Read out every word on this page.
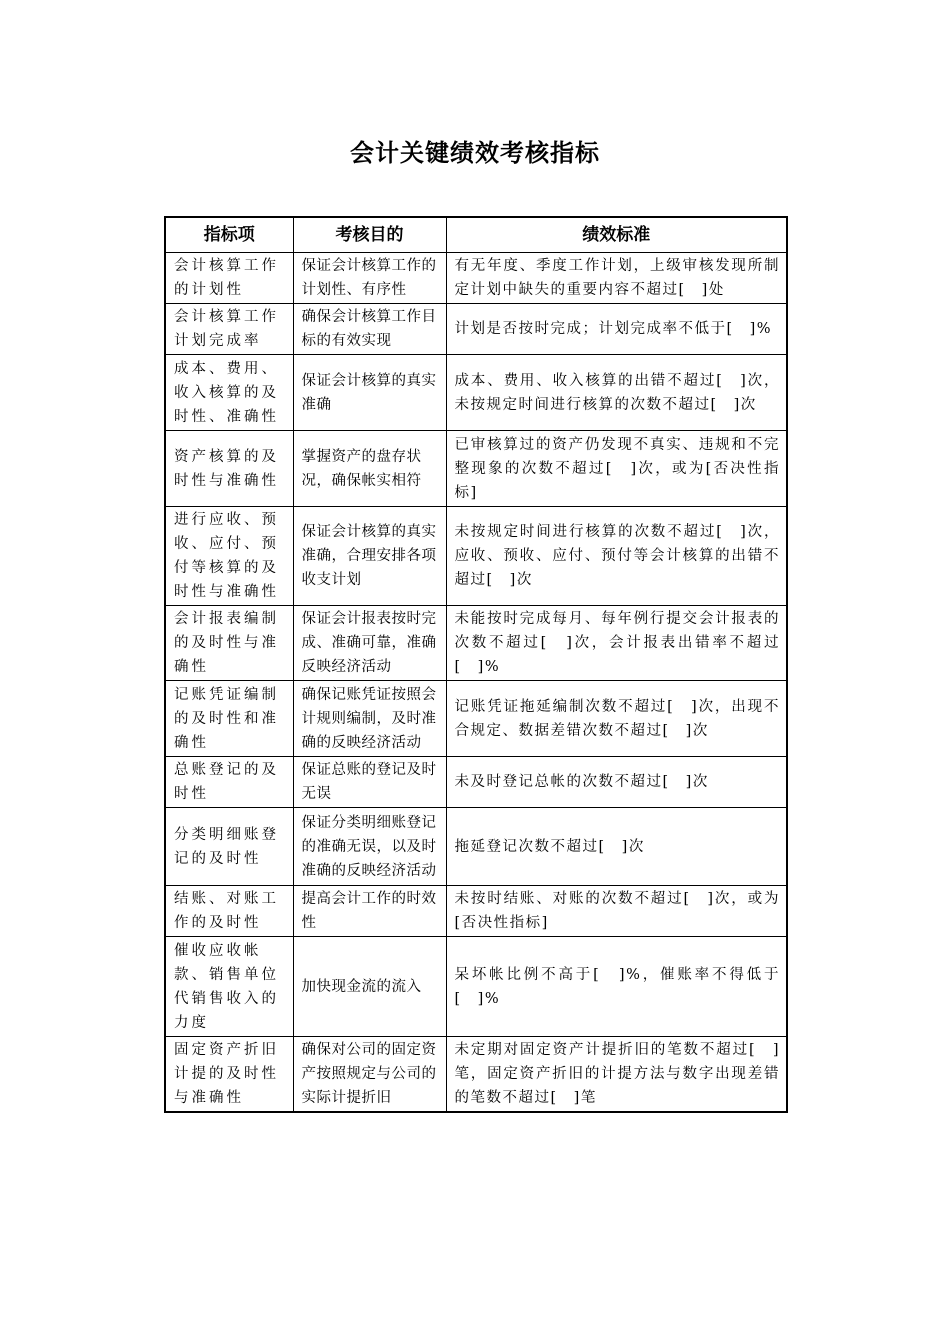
会计关键绩效考核指标
指标项	考核目的	绩效标准
会计核算工作的计划性	保证会计核算工作的计划性、有序性	有无年度、季度工作计划，上级审核发现所制定计划中缺失的重要内容不超过[　]处
会计核算工作计划完成率	确保会计核算工作目标的有效实现	计划是否按时完成；计划完成率不低于[　]%
成本、费用、收入核算的及时性、准确性	保证会计核算的真实准确	成本、费用、收入核算的出错不超过[　]次，未按规定时间进行核算的次数不超过[　]次
资产核算的及时性与准确性	掌握资产的盘存状况，确保帐实相符	已审核算过的资产仍发现不真实、违规和不完整现象的次数不超过[　]次，或为[否决性指标]
进行应收、预收、应付、预付等核算的及时性与准确性	保证会计核算的真实准确，合理安排各项收支计划	未按规定时间进行核算的次数不超过[　]次，应收、预收、应付、预付等会计核算的出错不超过[　]次
会计报表编制的及时性与准确性	保证会计报表按时完成、准确可靠，准确反映经济活动	未能按时完成每月、每年例行提交会计报表的次数不超过[　]次，会计报表出错率不超过[　]%
记账凭证编制的及时性和准确性	确保记账凭证按照会计规则编制，及时准确的反映经济活动	记账凭证拖延编制次数不超过[　]次，出现不合规定、数据差错次数不超过[　]次
总账登记的及时性	保证总账的登记及时无误	未及时登记总帐的次数不超过[　]次
分类明细账登记的及时性	保证分类明细账登记的准确无误，以及时准确的反映经济活动	拖延登记次数不超过[　]次
结账、对账工作的及时性	提高会计工作的时效性	未按时结账、对账的次数不超过[　]次，或为[否决性指标]
催收应收帐款、销售单位代销售收入的力度	加快现金流的流入	呆坏帐比例不高于[　]%，催账率不得低于[　]%
固定资产折旧计提的及时性与准确性	确保对公司的固定资产按照规定与公司的实际计提折旧	未定期对固定资产计提折旧的笔数不超过[　]笔，固定资产折旧的计提方法与数字出现差错的笔数不超过[　]笔
